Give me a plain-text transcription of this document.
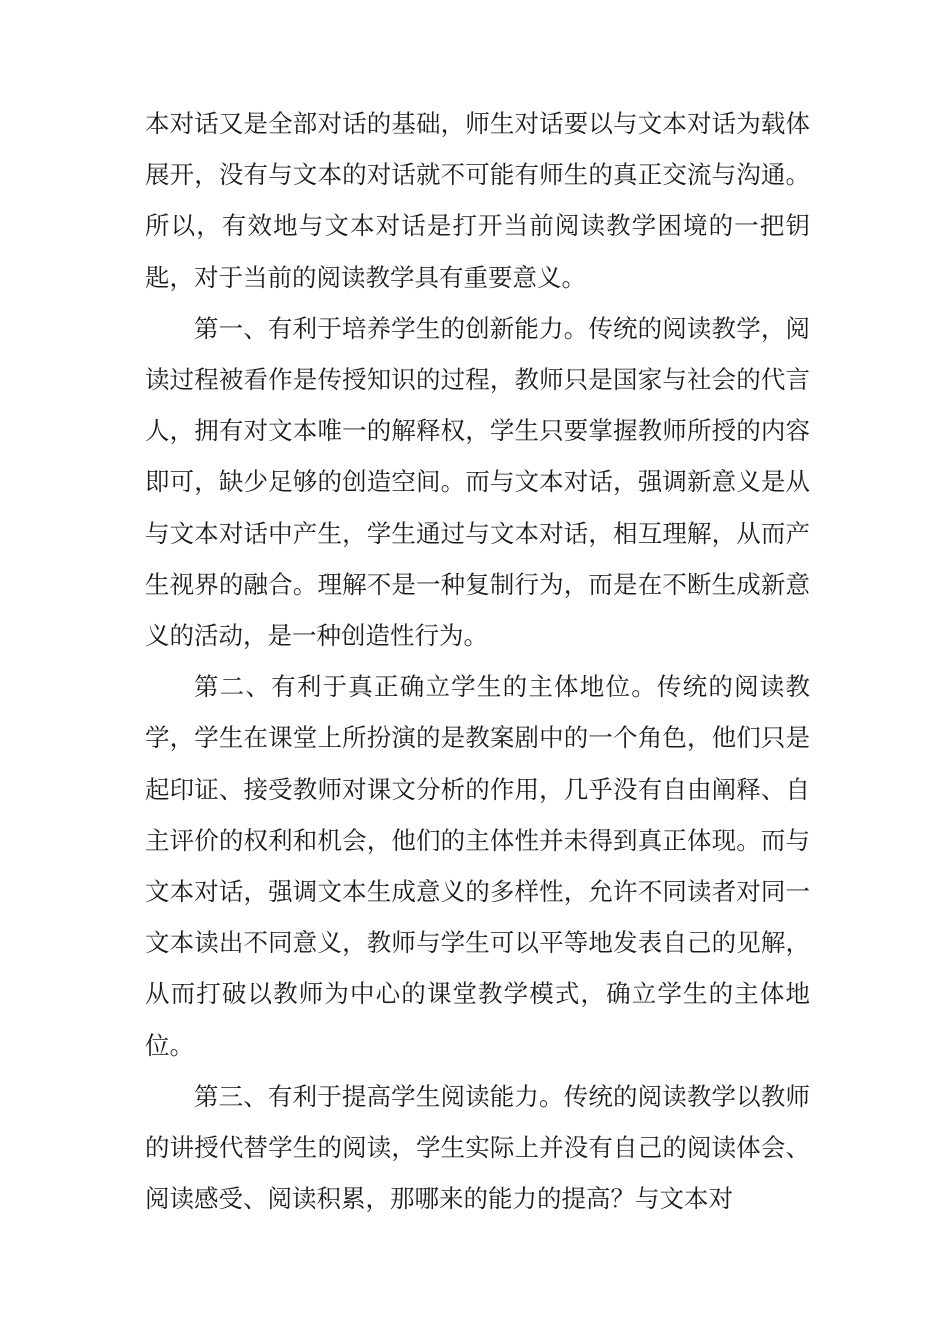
本对话又是全部对话的基础，师生对话要以与文本对话为载体展开，没有与文本的对话就不可能有师生的真正交流与沟通。所以，有效地与文本对话是打开当前阅读教学困境的一把钥匙，对于当前的阅读教学具有重要意义。

第一、有利于培养学生的创新能力。传统的阅读教学，阅读过程被看作是传授知识的过程，教师只是国家与社会的代言人，拥有对文本唯一的解释权，学生只要掌握教师所授的内容即可，缺少足够的创造空间。而与文本对话，强调新意义是从与文本对话中产生，学生通过与文本对话，相互理解，从而产生视界的融合。理解不是一种复制行为，而是在不断生成新意义的活动，是一种创造性行为。

第二、有利于真正确立学生的主体地位。传统的阅读教学，学生在课堂上所扮演的是教案剧中的一个角色，他们只是起印证、接受教师对课文分析的作用，几乎没有自由阐释、自主评价的权利和机会，他们的主体性并未得到真正体现。而与文本对话，强调文本生成意义的多样性，允许不同读者对同一文本读出不同意义，教师与学生可以平等地发表自己的见解，从而打破以教师为中心的课堂教学模式，确立学生的主体地位。

第三、有利于提高学生阅读能力。传统的阅读教学以教师的讲授代替学生的阅读，学生实际上并没有自己的阅读体会、阅读感受、阅读积累，那哪来的能力的提高？与文本对
